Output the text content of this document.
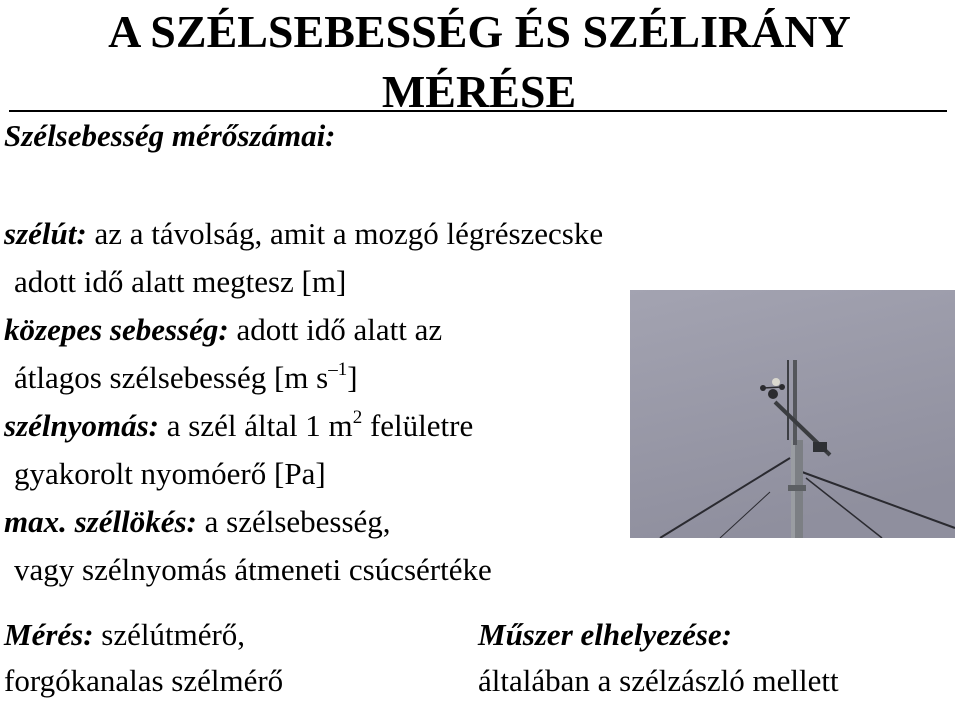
A SZÉLSEBESSÉG ÉS SZÉLIRÁNY
MÉRÉSE
Szélsebesség mérőszámai:
szélút: az a távolság, amit a mozgó légrészecske
adott idő alatt megtesz [m]
közepes sebesség: adott idő alatt az
átlagos szélsebesség [m $s^{-1}$]
szélnyomás: a szél által 1 $m^2$ felületre
gyakorolt nyomóerő [Pa]
max. széllökés: a szélsebesség,
vagy szélnyomás átmeneti csúcsértéke
Mérés: szélútmérő,
forgókanalas szélmérő
Műszer elhelyezése:
általában a szélzászló mellett
